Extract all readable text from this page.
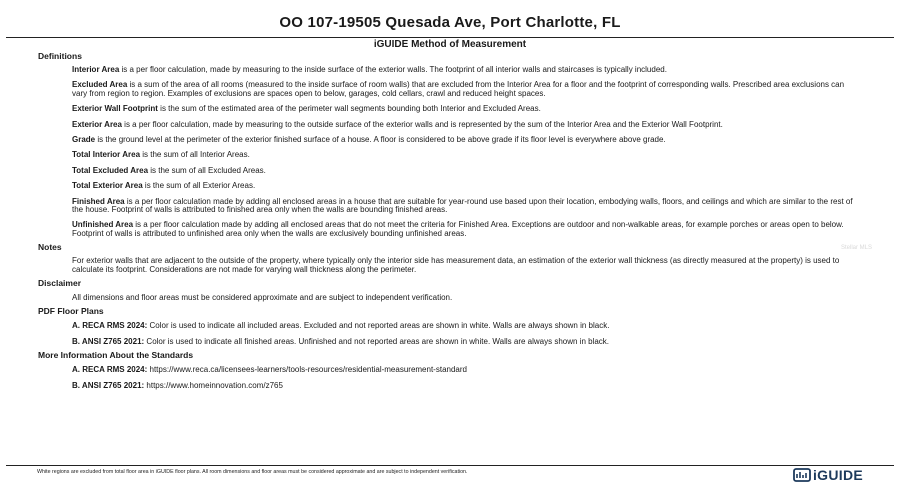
OO 107-19505 Quesada Ave, Port Charlotte, FL
iGUIDE Method of Measurement
Definitions
Interior Area is a per floor calculation, made by measuring to the inside surface of the exterior walls. The footprint of all interior walls and staircases is typically included.
Excluded Area is a sum of the area of all rooms (measured to the inside surface of room walls) that are excluded from the Interior Area for a floor and the footprint of corresponding walls. Prescribed area exclusions can vary from region to region. Examples of exclusions are spaces open to below, garages, cold cellars, crawl and reduced height spaces.
Exterior Wall Footprint is the sum of the estimated area of the perimeter wall segments bounding both Interior and Excluded Areas.
Exterior Area is a per floor calculation, made by measuring to the outside surface of the exterior walls and is represented by the sum of the Interior Area and the Exterior Wall Footprint.
Grade is the ground level at the perimeter of the exterior finished surface of a house. A floor is considered to be above grade if its floor level is everywhere above grade.
Total Interior Area is the sum of all Interior Areas.
Total Excluded Area is the sum of all Excluded Areas.
Total Exterior Area is the sum of all Exterior Areas.
Finished Area is a per floor calculation made by adding all enclosed areas in a house that are suitable for year-round use based upon their location, embodying walls, floors, and ceilings and which are similar to the rest of the house. Footprint of walls is attributed to finished area only when the walls are bounding finished areas.
Unfinished Area is a per floor calculation made by adding all enclosed areas that do not meet the criteria for Finished Area. Exceptions are outdoor and non-walkable areas, for example porches or areas open to below. Footprint of walls is attributed to unfinished area only when the walls are exclusively bounding unfinished areas.
Notes
For exterior walls that are adjacent to the outside of the property, where typically only the interior side has measurement data, an estimation of the exterior wall thickness (as directly measured at the property) is used to calculate its footprint. Considerations are not made for varying wall thickness along the perimeter.
Disclaimer
All dimensions and floor areas must be considered approximate and are subject to independent verification.
PDF Floor Plans
A. RECA RMS 2024: Color is used to indicate all included areas. Excluded and not reported areas are shown in white. Walls are always shown in black.
B. ANSI Z765 2021: Color is used to indicate all finished areas. Unfinished and not reported areas are shown in white. Walls are always shown in black.
More Information About the Standards
A. RECA RMS 2024: https://www.reca.ca/licensees-learners/tools-resources/residential-measurement-standard
B. ANSI Z765 2021: https://www.homeinnovation.com/z765
White regions are excluded from total floor area in iGUIDE floor plans. All room dimensions and floor areas must be considered approximate and are subject to independent verification.	iGUIDE
Stellar MLS
